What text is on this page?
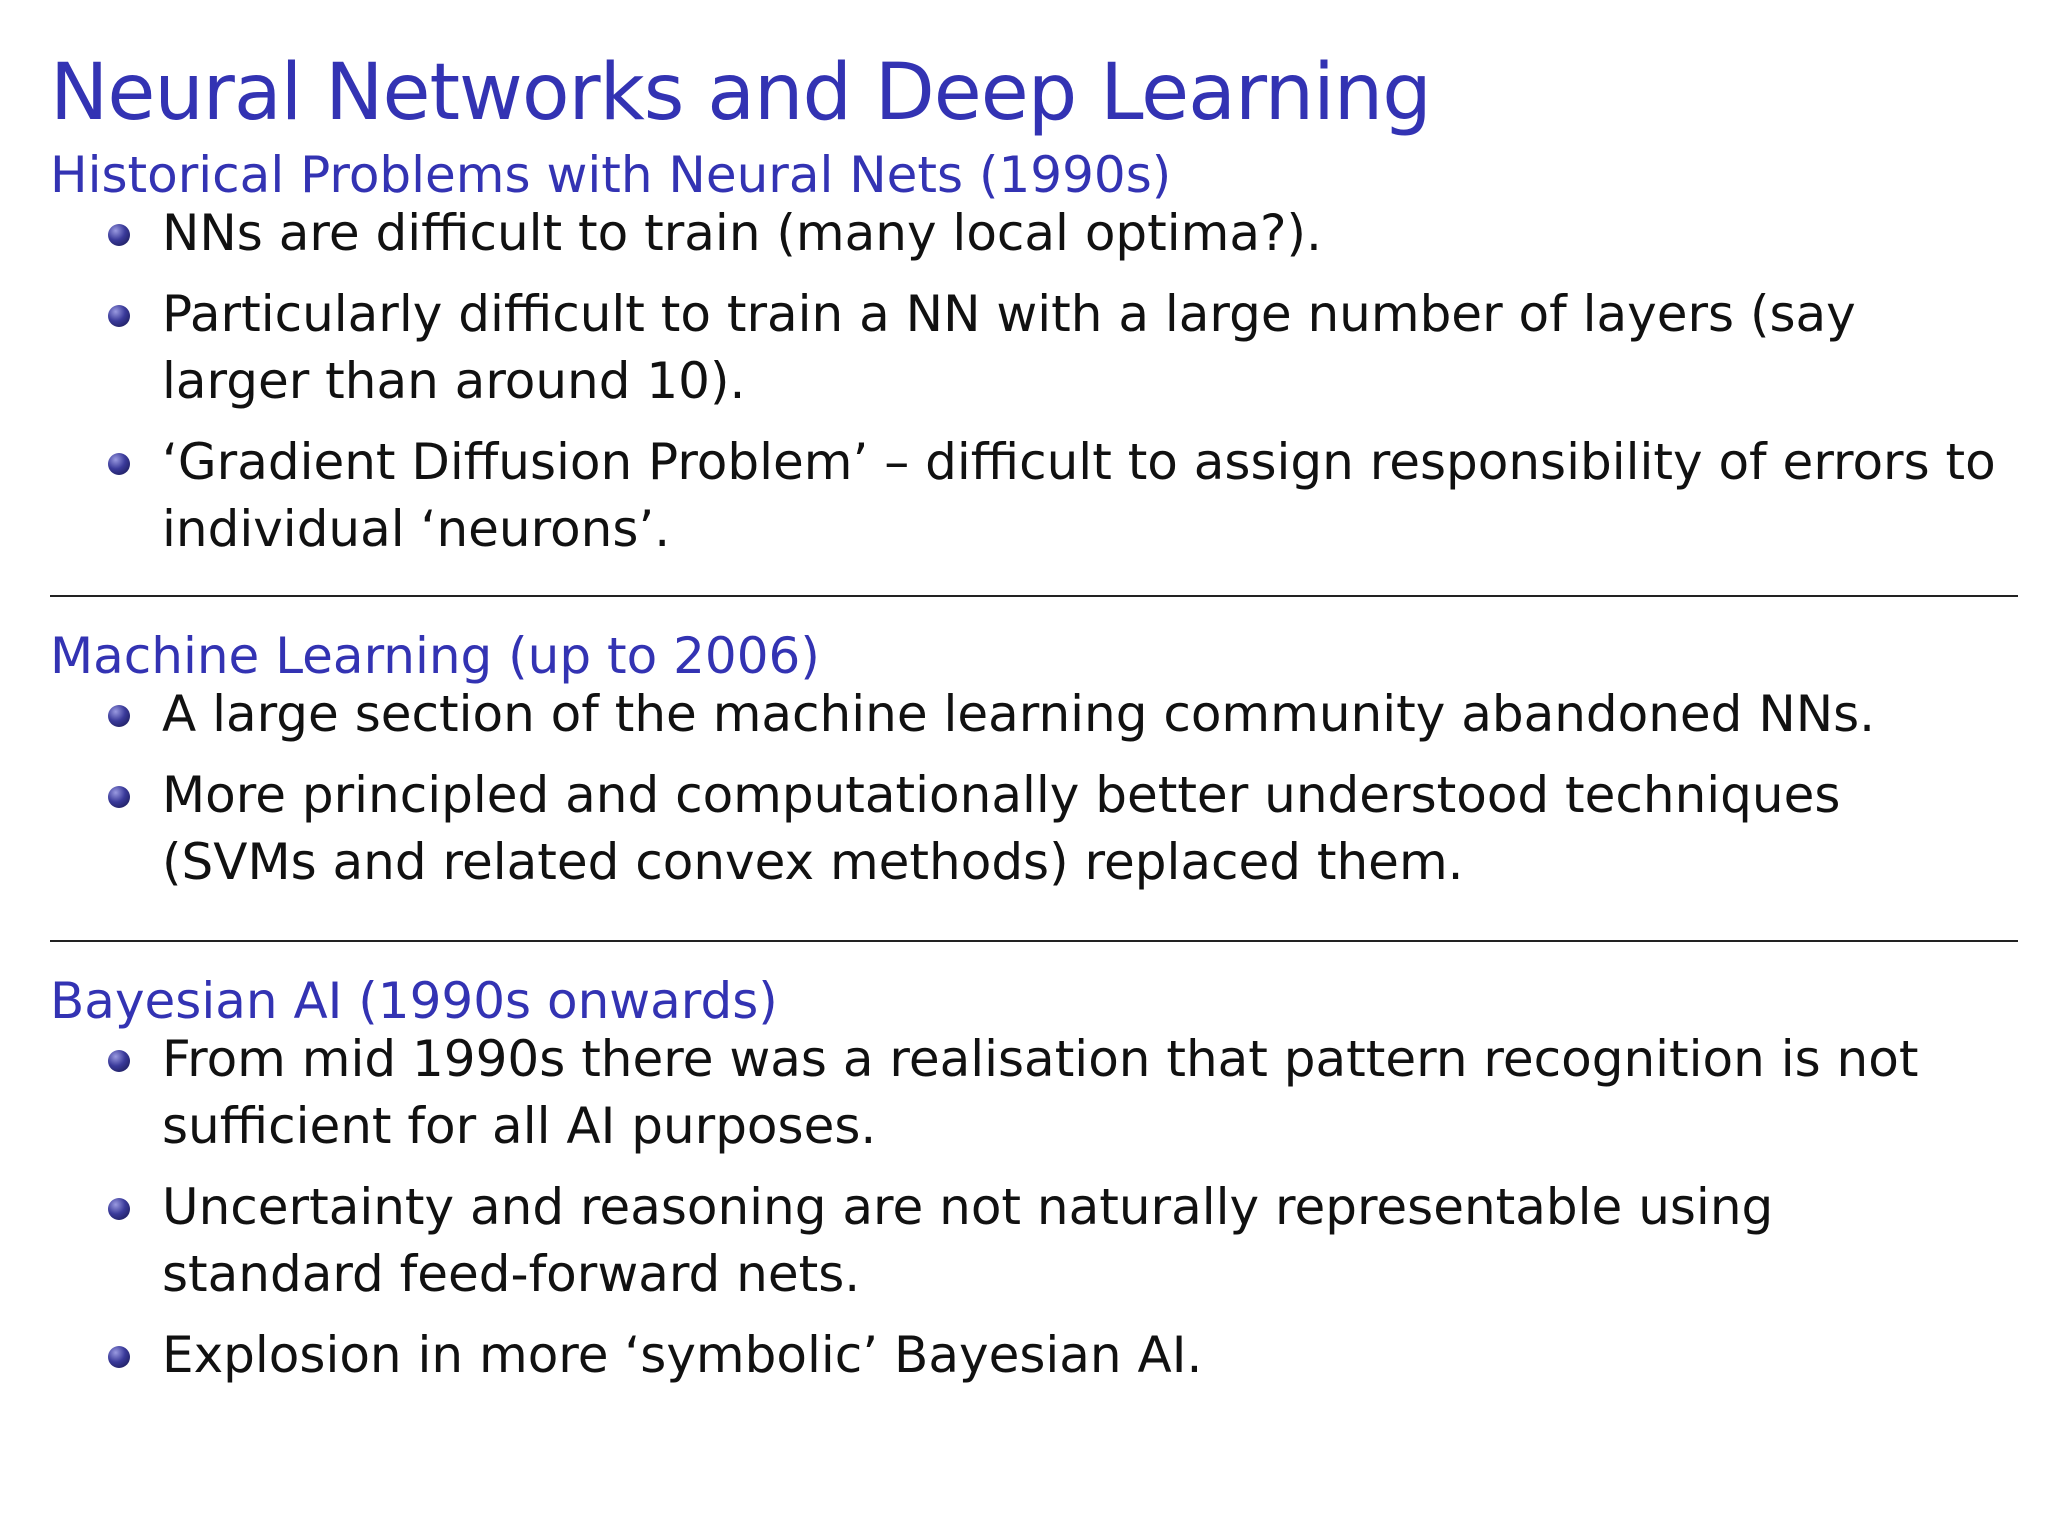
Neural Networks and Deep Learning
Historical Problems with Neural Nets (1990s)
NNs are difficult to train (many local optima?).
Particularly difficult to train a NN with a large number of layers (say larger than around 10).
‘Gradient Diffusion Problem’ – difficult to assign responsibility of errors to individual ‘neurons’.
Machine Learning (up to 2006)
A large section of the machine learning community abandoned NNs.
More principled and computationally better understood techniques (SVMs and related convex methods) replaced them.
Bayesian AI (1990s onwards)
From mid 1990s there was a realisation that pattern recognition is not sufficient for all AI purposes.
Uncertainty and reasoning are not naturally representable using standard feed-forward nets.
Explosion in more ‘symbolic’ Bayesian AI.
